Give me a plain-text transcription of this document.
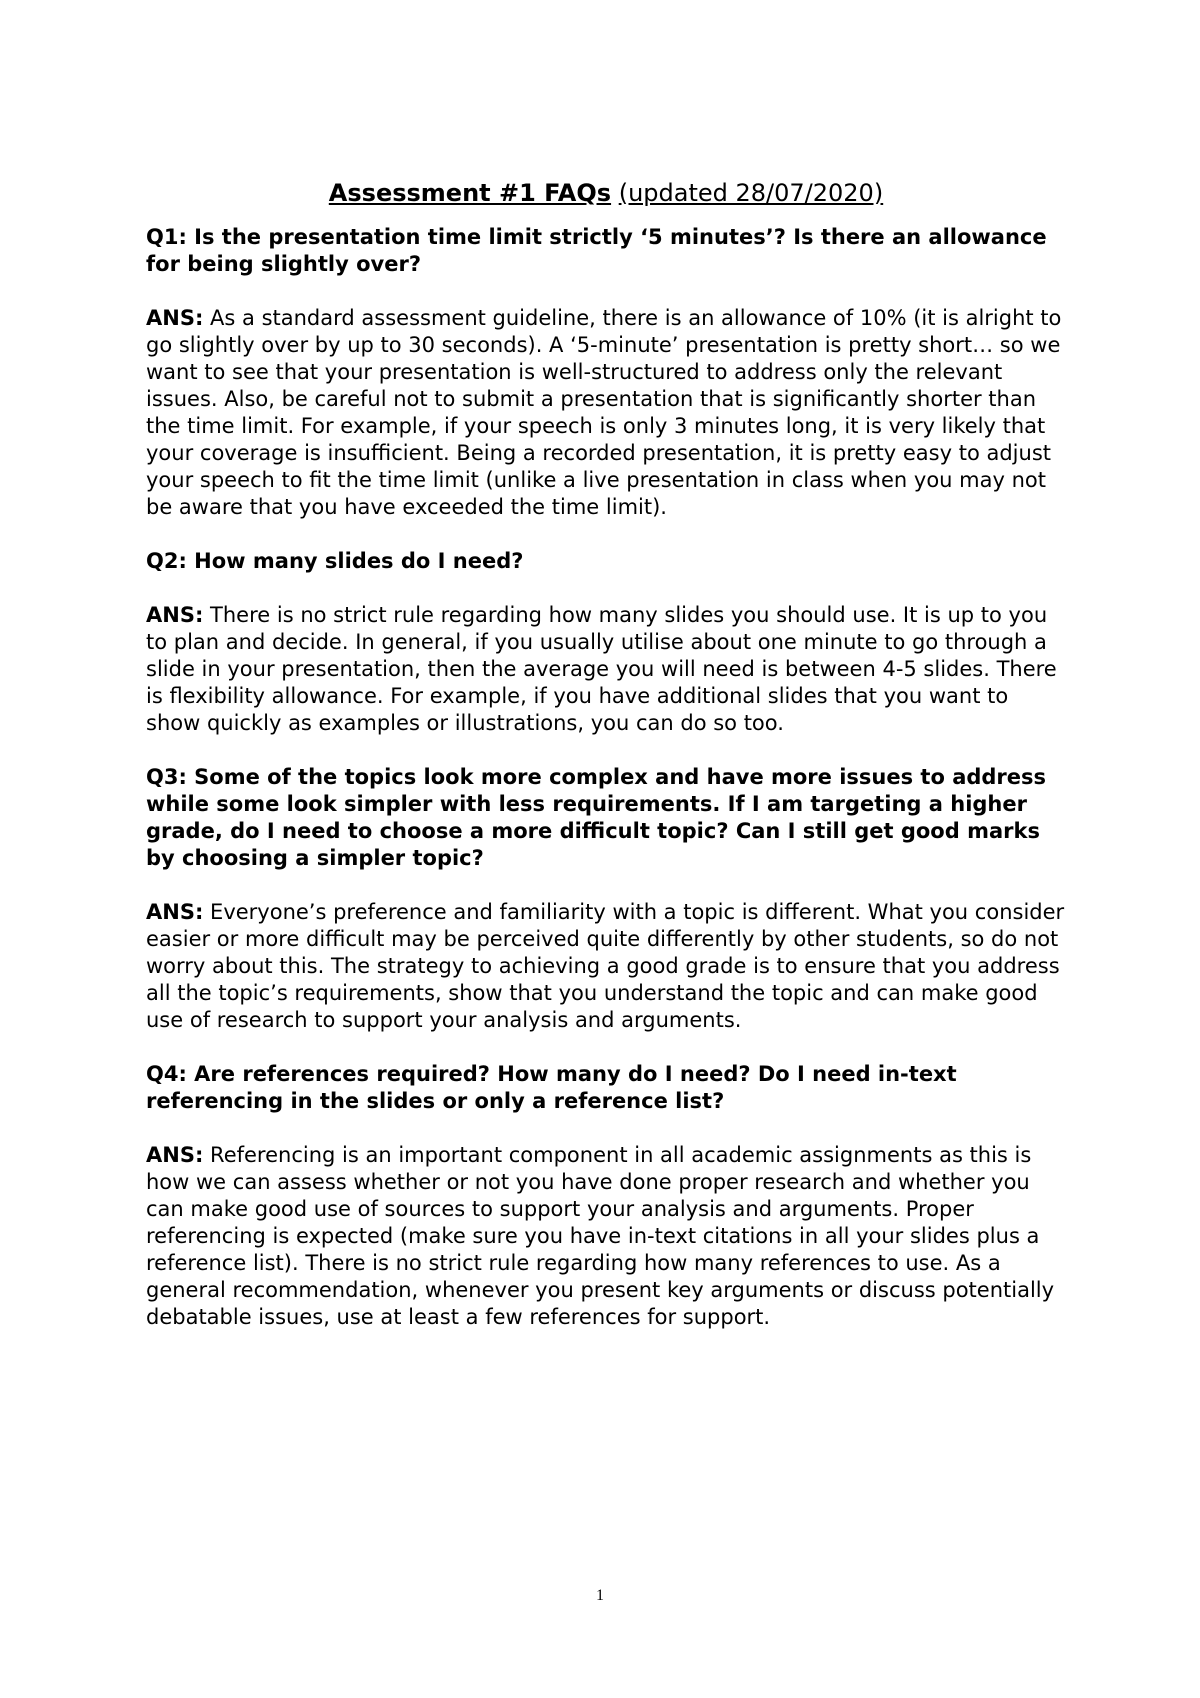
Assessment #1 FAQs (updated 28/07/2020)

Q1: Is the presentation time limit strictly ‘5 minutes’? Is there an allowance for being slightly over?

ANS: As a standard assessment guideline, there is an allowance of 10% (it is alright to go slightly over by up to 30 seconds). A ‘5-minute’ presentation is pretty short… so we want to see that your presentation is well-structured to address only the relevant issues. Also, be careful not to submit a presentation that is significantly shorter than the time limit. For example, if your speech is only 3 minutes long, it is very likely that your coverage is insufficient. Being a recorded presentation, it is pretty easy to adjust your speech to fit the time limit (unlike a live presentation in class when you may not be aware that you have exceeded the time limit).

Q2: How many slides do I need?

ANS: There is no strict rule regarding how many slides you should use. It is up to you to plan and decide. In general, if you usually utilise about one minute to go through a slide in your presentation, then the average you will need is between 4-5 slides. There is flexibility allowance. For example, if you have additional slides that you want to show quickly as examples or illustrations, you can do so too.

Q3: Some of the topics look more complex and have more issues to address while some look simpler with less requirements. If I am targeting a higher grade, do I need to choose a more difficult topic? Can I still get good marks by choosing a simpler topic?

ANS: Everyone’s preference and familiarity with a topic is different. What you consider easier or more difficult may be perceived quite differently by other students, so do not worry about this. The strategy to achieving a good grade is to ensure that you address all the topic’s requirements, show that you understand the topic and can make good use of research to support your analysis and arguments.

Q4: Are references required? How many do I need? Do I need in-text referencing in the slides or only a reference list?

ANS: Referencing is an important component in all academic assignments as this is how we can assess whether or not you have done proper research and whether you can make good use of sources to support your analysis and arguments. Proper referencing is expected (make sure you have in-text citations in all your slides plus a reference list). There is no strict rule regarding how many references to use. As a general recommendation, whenever you present key arguments or discuss potentially debatable issues, use at least a few references for support.

1
